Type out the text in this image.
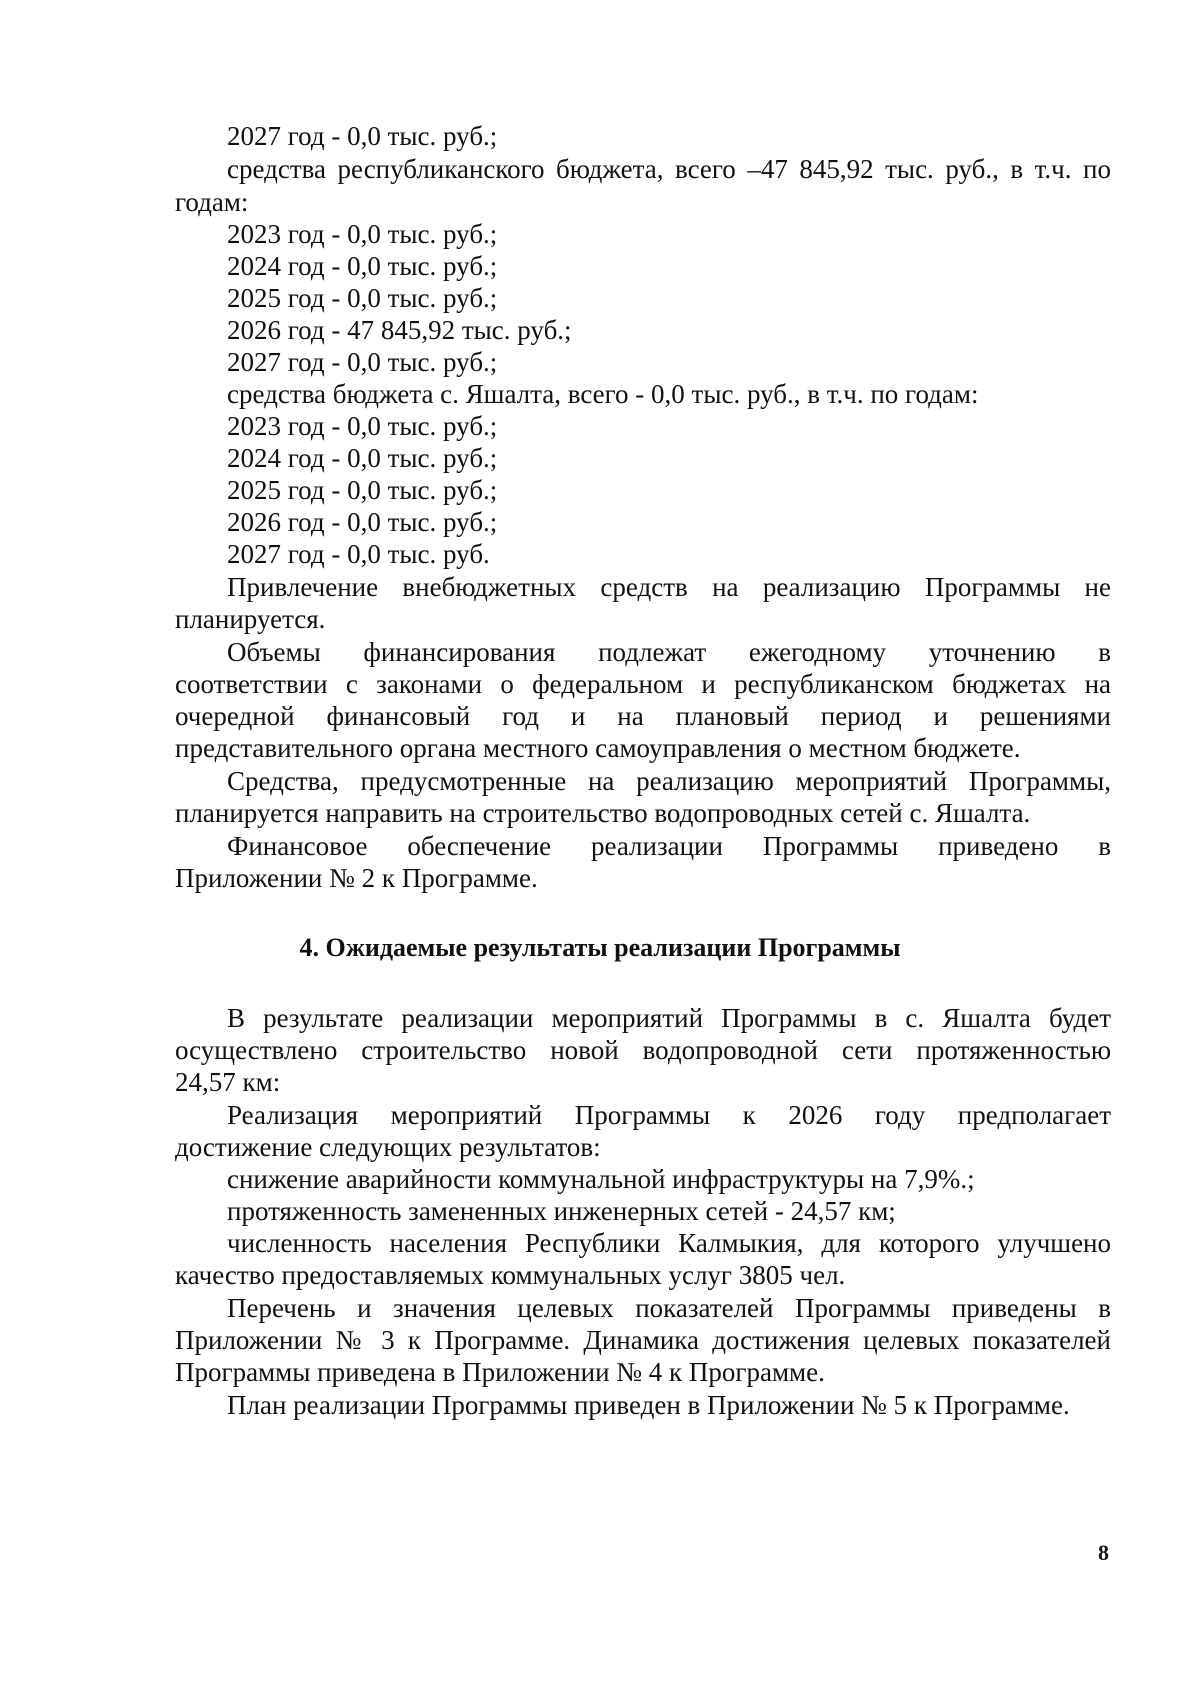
2027 год - 0,0 тыс. руб.;
средства республиканского бюджета, всего –47 845,92 тыс. руб., в т.ч. по
годам:
2023 год - 0,0 тыс. руб.;
2024 год - 0,0 тыс. руб.;
2025 год - 0,0 тыс. руб.;
2026 год - 47 845,92 тыс. руб.;
2027 год - 0,0 тыс. руб.;
средства бюджета с. Яшалта, всего - 0,0 тыс. руб., в т.ч. по годам:
2023 год - 0,0 тыс. руб.;
2024 год - 0,0 тыс. руб.;
2025 год - 0,0 тыс. руб.;
2026 год - 0,0 тыс. руб.;
2027 год - 0,0 тыс. руб.
Привлечение внебюджетных средств на реализацию Программы не
планируется.
Объемы финансирования подлежат ежегодному уточнению в
соответствии с законами о федеральном и республиканском бюджетах на
очередной финансовый год и на плановый период и решениями
представительного органа местного самоуправления о местном бюджете.
Средства, предусмотренные на реализацию мероприятий Программы,
планируется направить на строительство водопроводных сетей с. Яшалта.
Финансовое обеспечение реализации Программы приведено в
Приложении № 2 к Программе.
4. Ожидаемые результаты реализации Программы
В результате реализации мероприятий Программы в с. Яшалта будет
осуществлено строительство новой водопроводной сети протяженностью
24,57 км:
Реализация мероприятий Программы к 2026 году предполагает
достижение следующих результатов:
снижение аварийности коммунальной инфраструктуры на 7,9%.;
протяженность замененных инженерных сетей - 24,57 км;
численность населения Республики Калмыкия, для которого улучшено
качество предоставляемых коммунальных услуг 3805 чел.
Перечень и значения целевых показателей Программы приведены в
Приложении № 3 к Программе. Динамика достижения целевых показателей
Программы приведена в Приложении № 4 к Программе.
План реализации Программы приведен в Приложении № 5 к Программе.
8
